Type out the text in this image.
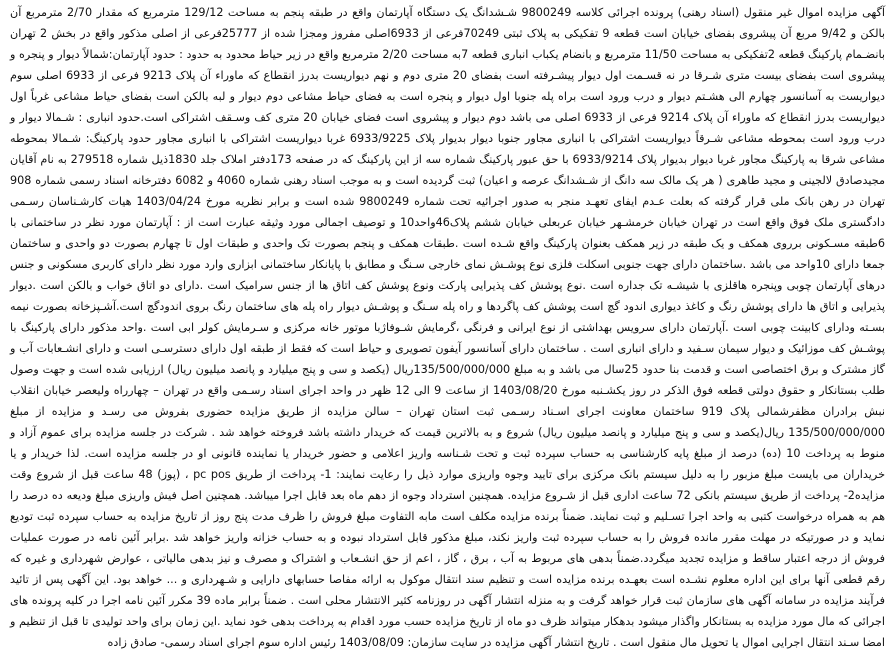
آگهی مزایده اموال غیر منقول (اسناد رهنی) پرونده اجرائی کلاسه 9800249 شـشدانگ یک دستگاه آپارتمان واقع در طبقه پنجم به مساحت 129/12 مترمربع که مقدار 2/70 مترمربع آن بالکن و 9/42 مربع آن پیشروی بفضای خیابان است قطعه 9 تفکیکی به پلاک ثبتی 70249فرعی از 6933اصلی مفروز ومجزا شده از 25777فرعی از اصلی مذکور واقع در بخش 2 تهران بانضـمام پارکینگ قطعه 2تفکیکی به مساحت 11/50 مترمربع و بانضام یکباب انباری قطعه 7به مساحت 2/20 مترمربع واقع در زیر حیاط محدود به حدود : حدود آپارتمان:شمالاً دیوار و پنجره و پیشروی است بفضای بیست متری شـرقا در نه قسـمت اول دیوار پیشـرفته است بفضای 20 متری دوم و نهم دیواریست بدرز انقطاع که ماوراء آن پلاک 9213 فرعی از 6933 اصلی سوم دیواریست به آسانسور چهارم الی هشـتم دیوار و درب ورود است براه پله جنوبا اول دیوار و پنجره است به فضای حیاط مشاعی دوم دیوار و لبه بالکن است بفضای حیاط مشاعی غرباً اول دیواریست بدرز انقطاع که ماوراء آن پلاک 9214 فرعی از 6933 اصلی می باشد دوم دیوار و پیشروی است فضای خیابان 20 متری کف وسـقف اشتراکی است.حدود انباری : شـمالا دیوار و درب ورود است بمحوطه مشاعی شـرقاً دیواریست اشتراکی با انباری مجاور جنوبا دیوار بدیوار پلاک 6933/9225 غربا دیواریست اشتراکی با انباری مجاور حدود پارکینگ: شـمالا بمحوطه مشاعی شرقا به پارکینگ مجاور غربا دیوار بدیوار پلاک 6933/9214 با حق عبور پارکینگ شماره سه از این پارکینگ که در صفحه 173دفتر املاک جلد 1830ذیل شماره 279518 به نام آقایان مجیدصادق لالجینی و مجید طاهری ( هر یک مالک سه دانگ از شـشدانگ عرصه و اعیان) ثبت گردیده است و به موجب اسناد رهنی شماره 4060 و 6082 دفترخانه اسناد رسمی شماره 908 تهران در رهن بانک ملی قرار گرفته که بعلت عـدم ایفای تعهـد منجر به صدور اجرائیه تحت شماره 9800249 شده است و برابر نظریه مورخ 1403/04/24 هیات کارشـناسان رسـمی دادگستری ملک فوق واقع است در تهران خیابان خرمشـهر خیابان عربعلی خیابان ششم پلاک46واحد10 و توصیف اجمالی مورد وثیقه عبارت است از : آپارتمان مورد نظر در ساختمانی با 6طبقه مسـکونی برروی همکف و یک طبقه در زیر همکف بعنوان پارکینگ واقع شـده است .طبقات همکف و پنجم بصورت تک واحدی و طبقات اول تا چهارم بصورت دو واحدی و ساختمان جمعا دارای 10واحد می باشد .ساختمان دارای جهت جنوبی اسکلت فلزی نوع پوشـش نمای خارجی سـنگ و مطابق با پایانکار ساختمانی ابزاری وارد مورد نظر دارای کاربری مسکونی و جنس درهای آپارتمان چوبی وپنجره هاقلزی با شیشـه تک جداره است .نوع پوشش کف پذیرایی پارکت ونوع پوشش کف اتاق ها از جنس سرامیک است .دارای دو اتاق خواب و بالکن است .دیوار پذیرایی و اتاق ها دارای پوشش رنگ و کاغذ دیواری اندود گچ است پوشش کف پاگردها و راه پله سـنگ و پوشـش دیوار راه پله های ساختمان رنگ بروی اندودگچ است.آشـپزخانه بصورت نیمه بسـته ودارای کابینت چوبی است .آپارتمان دارای سرویس بهداشتی از نوع ایرانی و فرنگی ،گرمایش شـوفاژبا موتور خانه مرکزی و سـرمایش کولر ابی است .واحد مذکور دارای پارکینگ با پوشـش کف موزائیک و دیوار سیمان سـفید و دارای انباری است . ساختمان دارای آسانسور آیفون تصویری و حیاط است که فقط از طبقه اول دارای دسترسـی است و دارای انشـعابات آب و گاز مشترک و برق اختصاصی است و قدمت بنا حدود 25سال می باشد و به مبلغ 135/500/000/000ریال (یکصد و سی و پنج میلیارد و پانصد میلیون ریال) ارزیابی شده است و جهت وصول طلب بستانکار و حقوق دولتی قطعه فوق الذکر در روز یکشـنبه مورخ 1403/08/20 از ساعت 9 الی 12 ظهر در واحد اجرای اسناد رسـمی واقع در تهران – چهارراه ولیعصر خیابان انقلاب نبش برادران مظفرشمالی پلاک 919 ساختمان معاونت اجرای اسـناد رسـمی ثبت استان تهران – سالن مزایده از طریق مزایده حضوری بفروش می رسـد و مزایده از مبلغ 135/500/000/000 ریال(یکصد و سی و پنج میلیارد و پانصد میلیون ریال) شروع و به بالاترین قیمت که خریدار داشته باشد فروخته خواهد شد . شرکت در جلسه مزایده برای عموم آزاد و منوط به پرداخت 10 (ده) درصد از مبلغ پایه کارشناسی به حساب سپرده ثبت و تحت شـناسه واریز اعلامی و حضور خریدار یا نماینده قانونی او در جلسه مزایده است. لذا خریدار و یا خریداران می بایست مبلغ مزبور را به دلیل سیستم بانک مرکزی برای تایید وجوه واریزی موارد ذیل را رعایت نمایند: 1- پرداخت از طریق pc pos ، (پوز) 48 ساعت قبل از شروع وقت مزایده2- پرداخت از طریق سیستم بانکی 72 ساعت اداری قبل از شـروع مزایده. همچنین استرداد وجوه از دهم ماه بعد قابل اجرا میباشد. همچنین اصل فیش واریزی مبلغ ودیعه ده درصد را هم به همراه درخواست کتبی به واحد اجرا تسـلیم و ثبت نمایند. ضمناً برنده مزایده مکلف است مابه التفاوت مبلغ فروش را ظرف مدت پنج روز از تاریخ مزایده به حساب سپرده ثبت تودیع نماید و در صورتیکه در مهلت مقرر مانده فروش را به حساب سپرده ثبت واریز نکند، مبلغ مذکور قابل استرداد نبوده و به حساب خزانه واریز خواهد شد .برابر آئین نامه در صورت عملیات فروش از درجه اعتبار ساقط و مزایده تجدید میگردد.ضمناً بدهی های مربوط به آب ، برق ، گاز ، اعم از حق انشـعاب و اشتراک و مصرف و نیز بدهی مالیاتی ، عوارض شهرداری و غیره که رقم قطعی آنها برای این اداره معلوم نشـده است بعهـده برنده مزایده است و تنظیم سند انتقال موکول به ارائه مفاصا حسابهای دارایی و شـهرداری و ... خواهد بود. این آگهی پس از تائید فرآیند مزایده در سامانه آگهی های سازمان ثبت قرار خواهد گرفت و به منزله انتشار آگهی در روزنامه کثیر الانتشار محلی است . ضمناً برابر ماده 39 مکرر آئین نامه اجرا در کلیه پرونده های اجرائی که مال مورد مزایده به بستانکار واگذار میشود بدهکار میتواند ظرف دو ماه از تاریخ مزایده حسب مورد اقدام به پرداخت بدهی خود نماید .این زمان برای واحد تولیدی تا قبل از تنظیم و امضا سـند انتقال اجرایی اموال یا تحویل مال منقول است . تاریخ انتشار آگهی مزایده در سایت سازمان: 1403/08/09 رئیس اداره سوم اجرای اسناد رسمی- صادق زاده
